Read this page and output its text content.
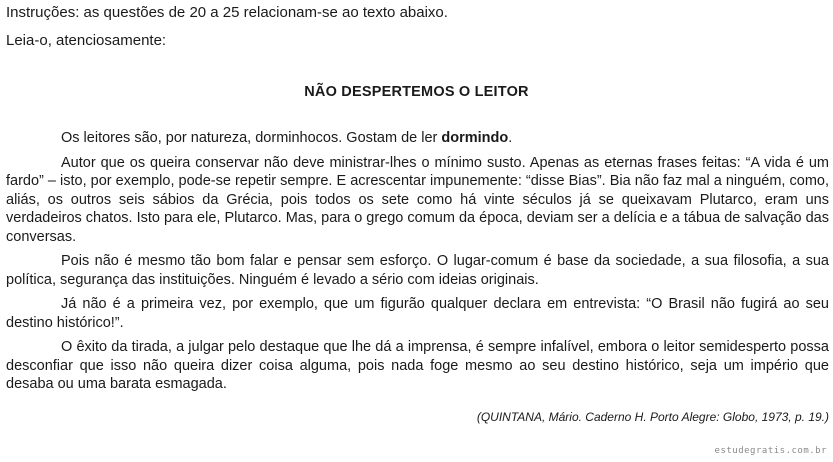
Instruções: as questões de 20 a 25 relacionam-se ao texto abaixo.
Leia-o, atenciosamente:
NÃO DESPERTEMOS O LEITOR

Os leitores são, por natureza, dorminhocos. Gostam de ler dormindo.

Autor que os queira conservar não deve ministrar-lhes o mínimo susto. Apenas as eternas frases feitas: “A vida é um fardo” – isto, por exemplo, pode-se repetir sempre. E acrescentar impunemente: “disse Bias”. Bia não faz mal a ninguém, como, aliás, os outros seis sábios da Grécia, pois todos os sete como há vinte séculos já se queixavam Plutarco, eram uns verdadeiros chatos. Isto para ele, Plutarco. Mas, para o grego comum da época, deviam ser a delícia e a tábua de salvação das conversas.

Pois não é mesmo tão bom falar e pensar sem esforço. O lugar-comum é base da sociedade, a sua filosofia, a sua política, segurança das instituições. Ninguém é levado a sério com ideias originais.

Já não é a primeira vez, por exemplo, que um figurão qualquer declara em entrevista: “O Brasil não fugirá ao seu destino histórico!”.

O êxito da tirada, a julgar pelo destaque que lhe dá a imprensa, é sempre infalível, embora o leitor semidesperto possa desconfiar que isso não queira dizer coisa alguma, pois nada foge mesmo ao seu destino histórico, seja um império que desaba ou uma barata esmagada.

(QUINTANA, Mário. Caderno H. Porto Alegre: Globo, 1973, p. 19.)
estudegratis.com.br
